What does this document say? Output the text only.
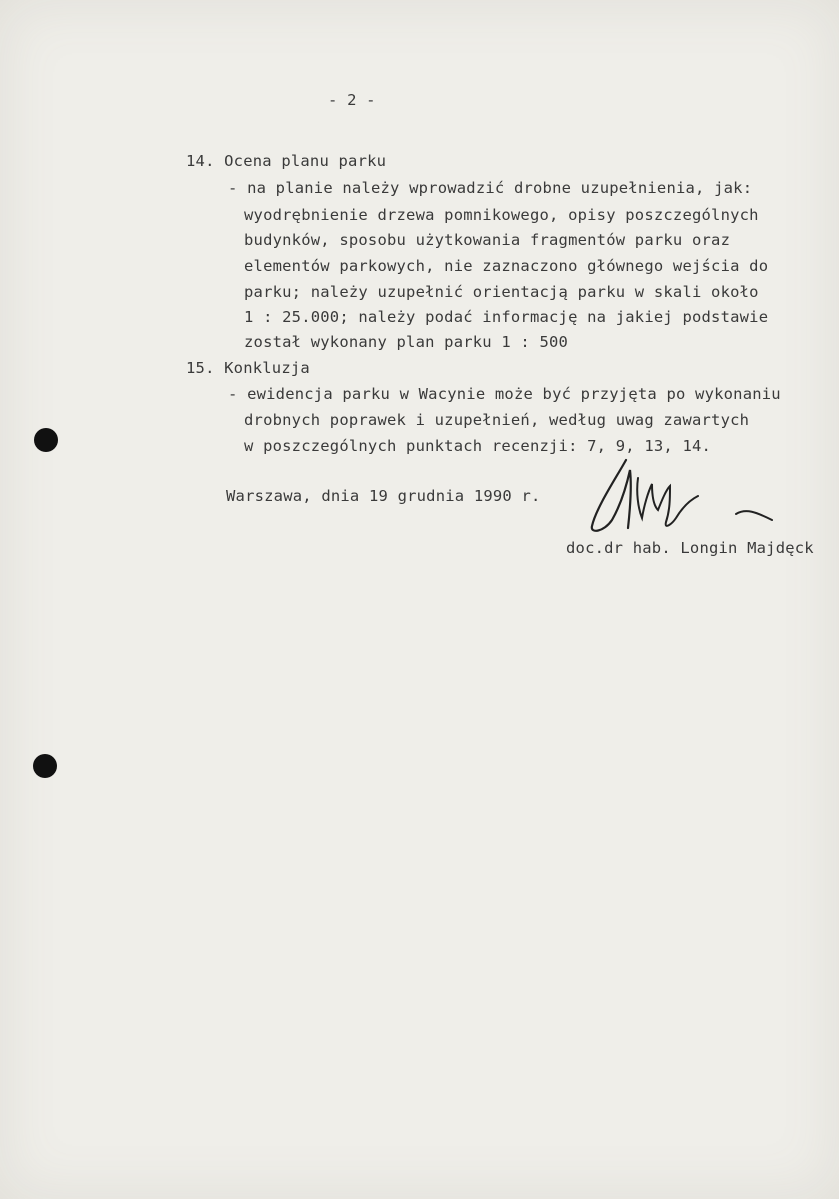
- 2 -
14. Ocena planu parku
- na planie należy wprowadzić drobne uzupełnienia, jak:
wyodrębnienie drzewa pomnikowego, opisy poszczególnych
budynków, sposobu użytkowania fragmentów parku oraz
elementów parkowych, nie zaznaczono głównego wejścia do
parku; należy uzupełnić orientacją parku w skali około
1 : 25.000; należy podać informację na jakiej podstawie
został wykonany plan parku 1 : 500
15. Konkluzja
- ewidencja parku w Wacynie może być przyjęta po wykonaniu
drobnych poprawek i uzupełnień, według uwag zawartych
w poszczególnych punktach recenzji: 7, 9, 13, 14.
Warszawa, dnia 19 grudnia 1990 r.
doc.dr hab. Longin Majdęck
